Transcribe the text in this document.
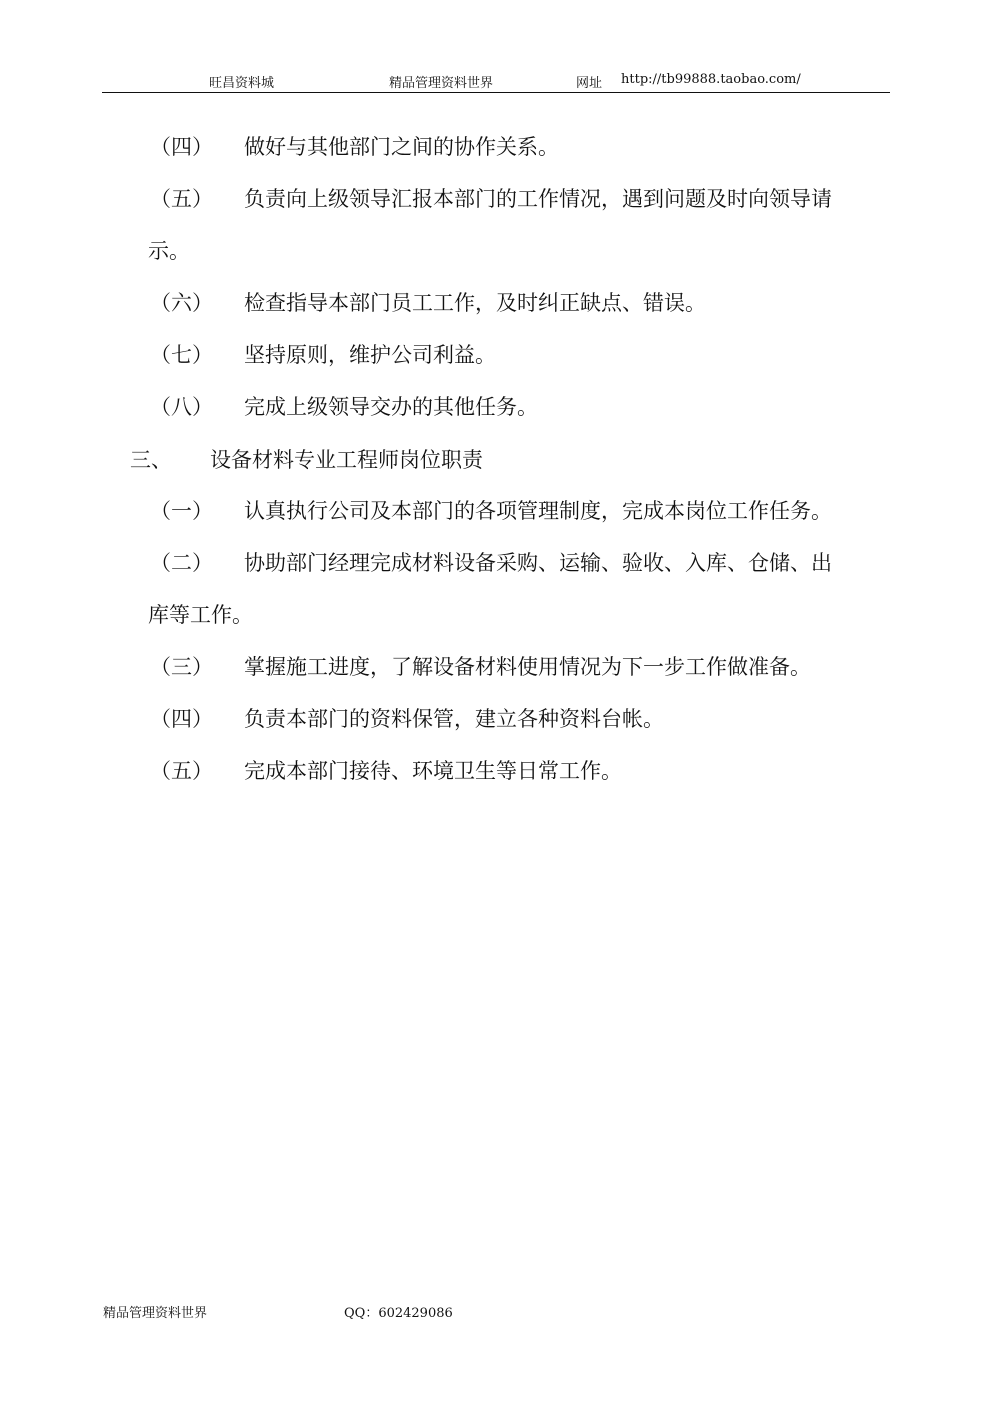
旺昌资料城	精品管理资料世界	网址 http://tb99888.taobao.com/
（四） 做好与其他部门之间的协作关系。
（五） 负责向上级领导汇报本部门的工作情况，遇到问题及时向领导请
示。
（六） 检查指导本部门员工工作，及时纠正缺点、错误。
（七） 坚持原则，维护公司利益。
（八） 完成上级领导交办的其他任务。
三、 设备材料专业工程师岗位职责
（一） 认真执行公司及本部门的各项管理制度，完成本岗位工作任务。
（二） 协助部门经理完成材料设备采购、运输、验收、入库、仓储、出
库等工作。
（三） 掌握施工进度，了解设备材料使用情况为下一步工作做准备。
（四） 负责本部门的资料保管，建立各种资料台帐。
（五） 完成本部门接待、环境卫生等日常工作。
精品管理资料世界	QQ：602429086
